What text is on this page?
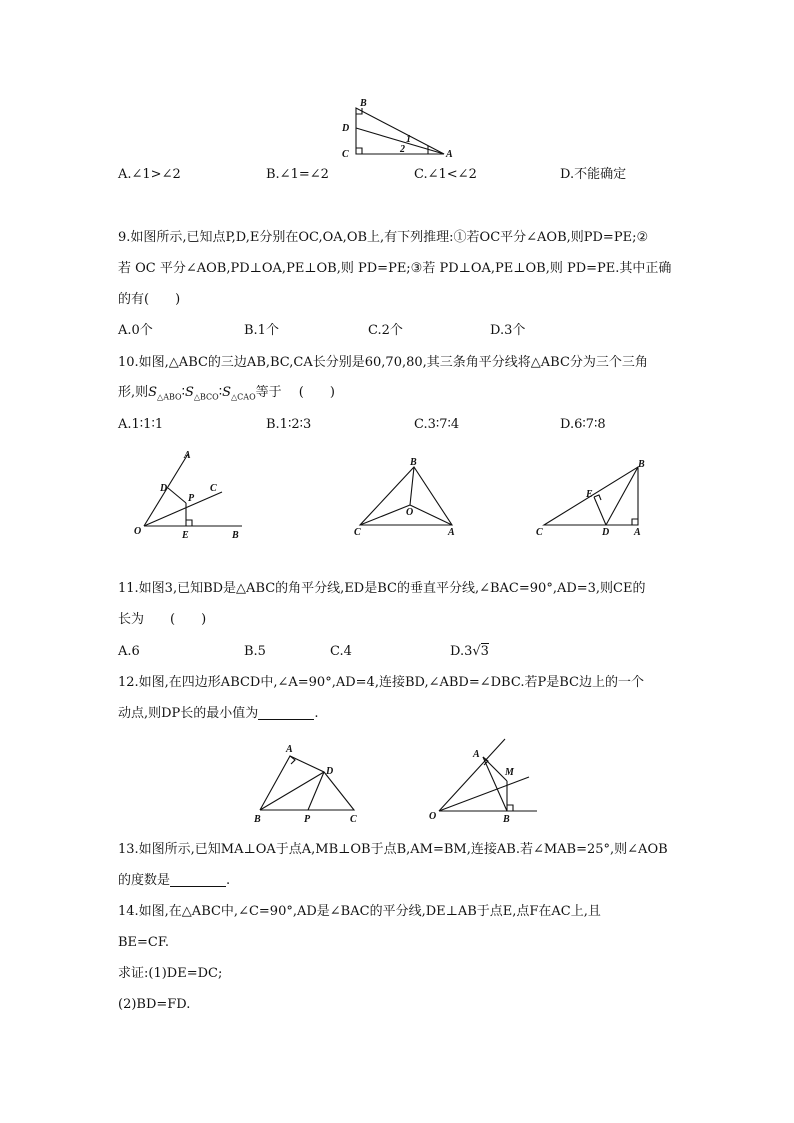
B
D
C	A
1
2
A.∠1>∠2	B.∠1=∠2	C.∠1<∠2	D.不能确定
9.如图所示,已知点P,D,E分别在OC,OA,OB上,有下列推理:①若OC平分∠AOB,则PD=PE;②
若 OC 平分∠AOB,PD⊥OA,PE⊥OB,则 PD=PE;③若 PD⊥OA,PE⊥OB,则 PD=PE.其中正确
的有(　　)
A.0个	B.1个	C.2个	D.3个
10.如图,△ABC的三边AB,BC,CA长分别是60,70,80,其三条角平分线将△ABC分为三个三角
形,则$S_{\triangle ABO}∶S_{\triangle BCO}∶S_{\triangle CAO}$等于　 (　　)
A.1∶1∶1	B.1∶2∶3	C.3∶7∶4	D.6∶7∶8
A
D
P
C
O	E	B
B
O
C	A
B
E
C	D A
11.如图3,已知BD是△ABC的角平分线,ED是BC的垂直平分线,∠BAC=90°,AD=3,则CE的
长为　　(　　)
A.6	B.5	C.4	D.3√3
12.如图,在四边形ABCD中,∠A=90°,AD=4,连接BD,∠ABD=∠DBC.若P是BC边上的一个
动点,则DP长的最小值为	.
A
D
B	P	C
A
M
O	B
13.如图所示,已知MA⊥OA于点A,MB⊥OB于点B,AM=BM,连接AB.若∠MAB=25°,则∠AOB
的度数是	.
14.如图,在△ABC中,∠C=90°,AD是∠BAC的平分线,DE⊥AB于点E,点F在AC上,且
BE=CF.
求证:(1)DE=DC;
(2)BD=FD.
